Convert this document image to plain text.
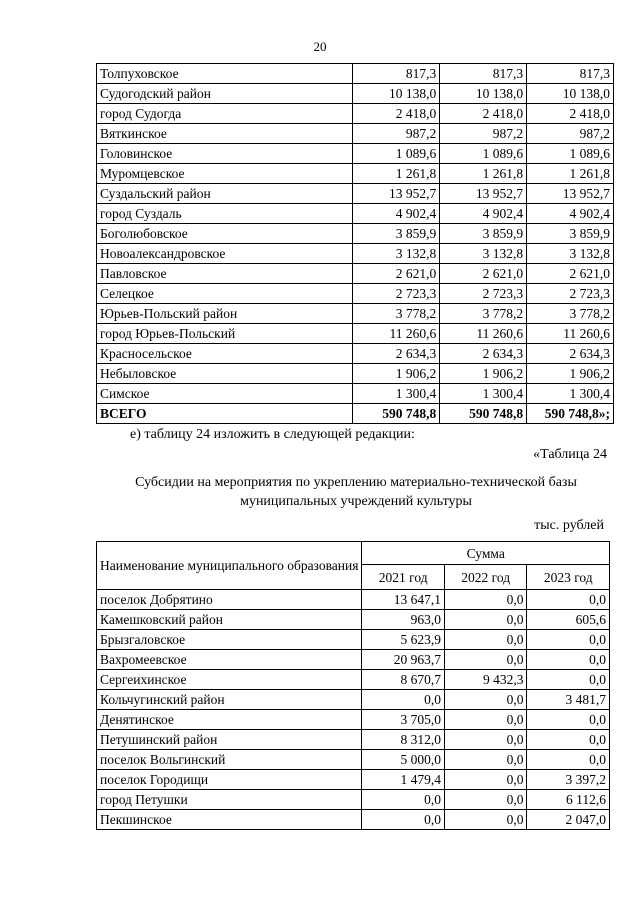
20
Толпуховское	817,3	817,3	817,3
Судогодский район	10 138,0	10 138,0	10 138,0
город Судогда	2 418,0	2 418,0	2 418,0
Вяткинское	987,2	987,2	987,2
Головинское	1 089,6	1 089,6	1 089,6
Муромцевское	1 261,8	1 261,8	1 261,8
Суздальский район	13 952,7	13 952,7	13 952,7
город Суздаль	4 902,4	4 902,4	4 902,4
Боголюбовское	3 859,9	3 859,9	3 859,9
Новоалександровское	3 132,8	3 132,8	3 132,8
Павловское	2 621,0	2 621,0	2 621,0
Селецкое	2 723,3	2 723,3	2 723,3
Юрьев-Польский район	3 778,2	3 778,2	3 778,2
город Юрьев-Польский	11 260,6	11 260,6	11 260,6
Красносельское	2 634,3	2 634,3	2 634,3
Небыловское	1 906,2	1 906,2	1 906,2
Симское	1 300,4	1 300,4	1 300,4
ВСЕГО	590 748,8	590 748,8	590 748,8»;
е) таблицу 24 изложить в следующей редакции:
«Таблица 24
Субсидии на мероприятия по укреплению материально-технической базы муниципальных учреждений культуры
тыс. рублей
Наименование муниципального образования	Сумма		
	2021 год	2022 год	2023 год
поселок Добрятино	13 647,1	0,0	0,0
Камешковский район	963,0	0,0	605,6
Брызгаловское	5 623,9	0,0	0,0
Вахромеевское	20 963,7	0,0	0,0
Сергеихинское	8 670,7	9 432,3	0,0
Кольчугинский район	0,0	0,0	3 481,7
Денятинское	3 705,0	0,0	0,0
Петушинский район	8 312,0	0,0	0,0
поселок Вольгинский	5 000,0	0,0	0,0
поселок Городищи	1 479,4	0,0	3 397,2
город Петушки	0,0	0,0	6 112,6
Пекшинское	0,0	0,0	2 047,0
